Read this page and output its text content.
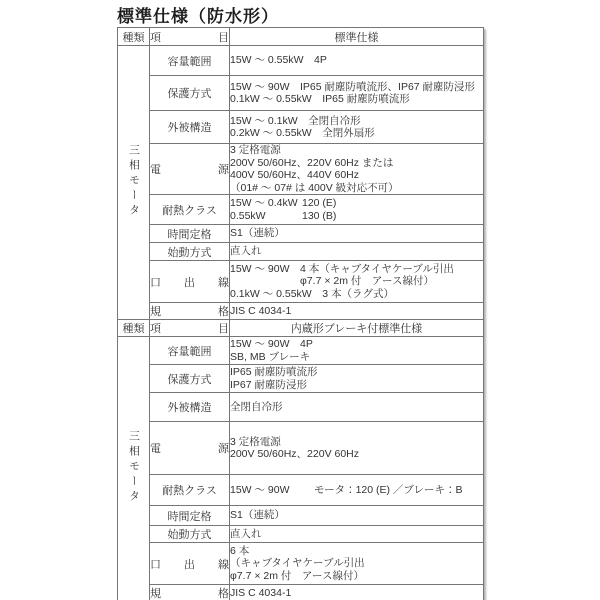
標準仕様（防水形）
種類	項目	標準仕様
三相モータ	容量範囲	15W ～ 0.55kW　4P

	保護方式	15W ～ 90W　IP65 耐塵防噴流形、IP67 耐塵防浸形
0.1kW ～ 0.55kW　IP65 耐塵防噴流形

	外被構造	15W ～ 0.1kW　全閉自冷形
0.2kW ～ 0.55kW　全閉外扇形

	電源	3 定格電源
200V 50/60Hz、220V 60Hz または
400V 50/60Hz、440V 60Hz
（01# ～ 07# は 400V 級対応不可）

	耐熱クラス	15W ～ 0.4kW 120 (E)
0.55kW 130 (B)

	時間定格	S1（連続）

	始動方式	直入れ

	口出線	15W ～ 90W　4 本（キャブタイヤケーブル引出
φ7.7 × 2m 付　アース線付）
0.1kW ～ 0.55kW　3 本（ラグ式）

	規格	JIS C 4034-1

種類	項目	内蔵形ブレーキ付標準仕様
三相モータ	容量範囲	15W ～ 90W　4P
SB, MB ブレーキ

	保護方式	IP65 耐塵防噴流形
IP67 耐塵防浸形

	外被構造	全閉自冷形

	電源	3 定格電源
200V 50/60Hz、220V 60Hz

	耐熱クラス	15W ～ 90W モータ：120 (E) ／ブレーキ：B

	時間定格	S1（連続）

	始動方式	直入れ

	口出線	6 本
（キャブタイヤケーブル引出
φ7.7 × 2m 付　アース線付）

	規格	JIS C 4034-1
